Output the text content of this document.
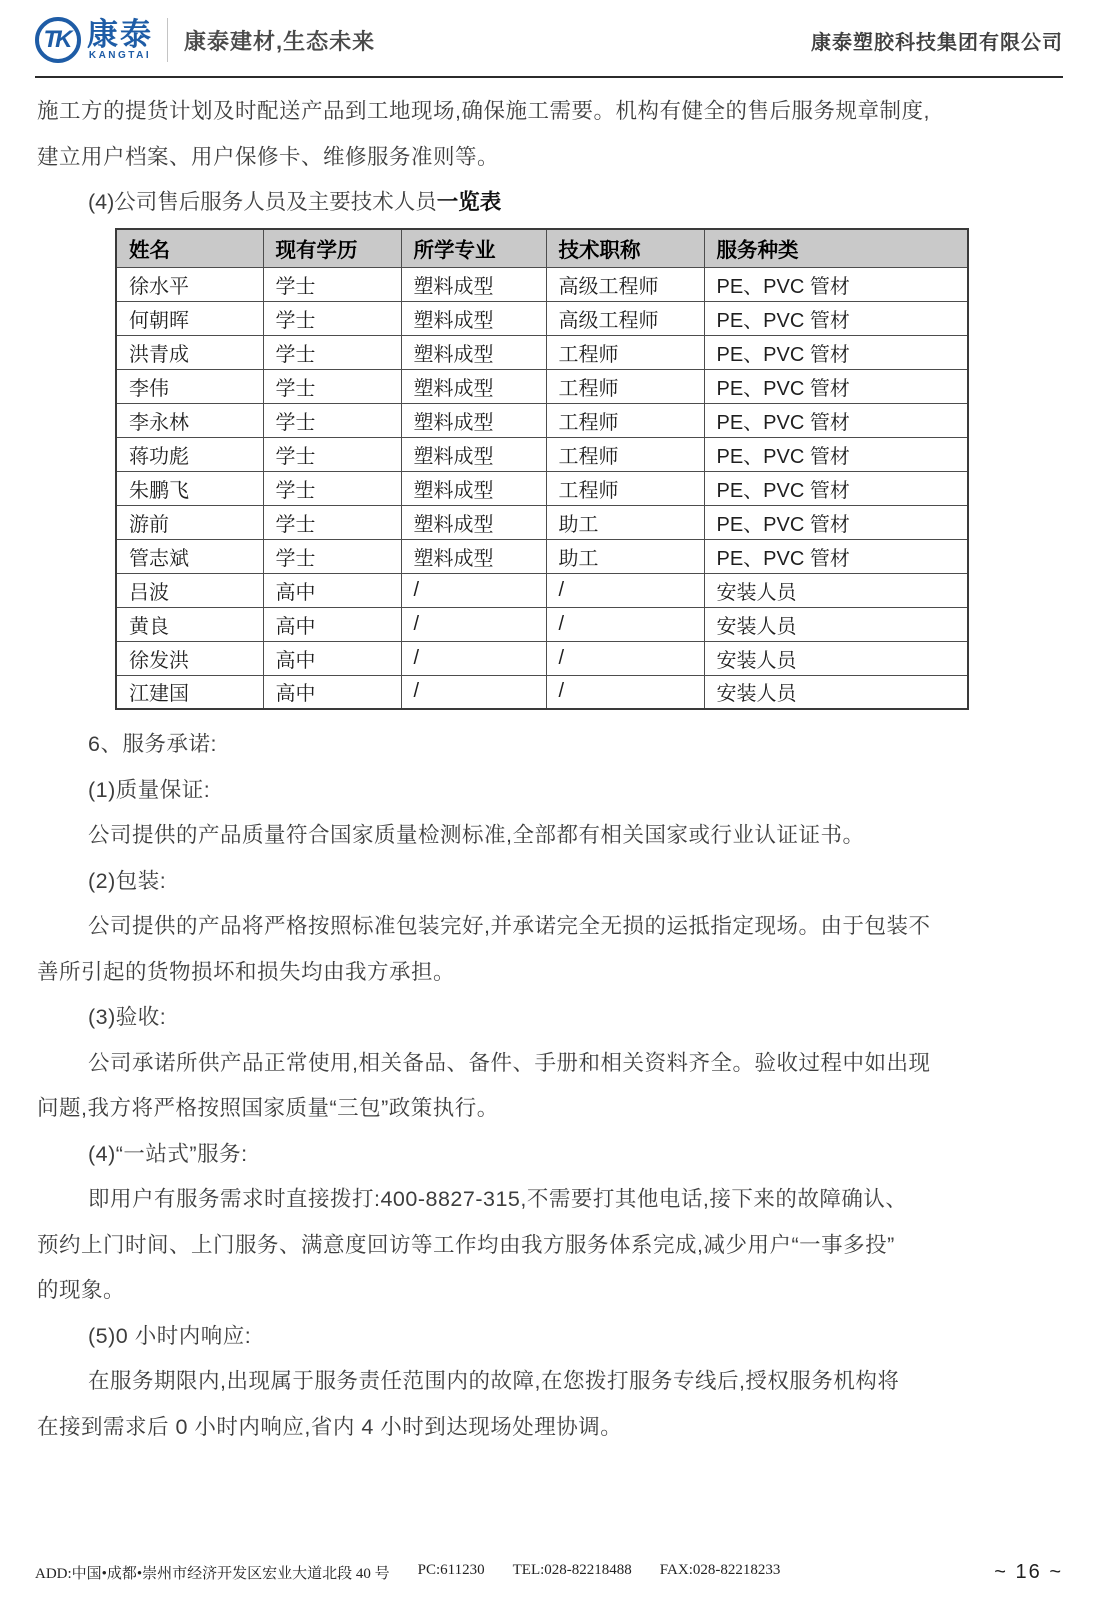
TK 康泰
KANGTAI
康泰建材,生态未来	康泰塑胶科技集团有限公司
施工方的提货计划及时配送产品到工地现场,确保施工需要。机构有健全的售后服务规章制度,
建立用户档案、用户保修卡、维修服务准则等。
(4)公司售后服务人员及主要技术人员一览表
姓名	现有学历	所学专业	技术职称	服务种类
徐水平	学士	塑料成型	高级工程师	PE、PVC 管材
何朝晖	学士	塑料成型	高级工程师	PE、PVC 管材
洪青成	学士	塑料成型	工程师	PE、PVC 管材
李伟	学士	塑料成型	工程师	PE、PVC 管材
李永林	学士	塑料成型	工程师	PE、PVC 管材
蒋功彪	学士	塑料成型	工程师	PE、PVC 管材
朱鹏飞	学士	塑料成型	工程师	PE、PVC 管材
游前	学士	塑料成型	助工	PE、PVC 管材
管志斌	学士	塑料成型	助工	PE、PVC 管材
吕波	高中	/	/	安装人员
黄良	高中	/	/	安装人员
徐发洪	高中	/	/	安装人员
江建国	高中	/	/	安装人员
6、服务承诺:
(1)质量保证:
公司提供的产品质量符合国家质量检测标准,全部都有相关国家或行业认证证书。
(2)包装:
公司提供的产品将严格按照标准包装完好,并承诺完全无损的运抵指定现场。由于包装不
善所引起的货物损坏和损失均由我方承担。
(3)验收:
公司承诺所供产品正常使用,相关备品、备件、手册和相关资料齐全。验收过程中如出现
问题,我方将严格按照国家质量“三包”政策执行。
(4)“一站式”服务:
即用户有服务需求时直接拨打:400-8827-315,不需要打其他电话,接下来的故障确认、
预约上门时间、上门服务、满意度回访等工作均由我方服务体系完成,减少用户“一事多投”
的现象。
(5)0 小时内响应:
在服务期限内,出现属于服务责任范围内的故障,在您拨打服务专线后,授权服务机构将
在接到需求后 0 小时内响应,省内 4 小时到达现场处理协调。
ADD:中国•成都•崇州市经济开发区宏业大道北段 40 号 PC:611230 TEL:028-82218488 FAX:028-82218233	~ 16 ~
